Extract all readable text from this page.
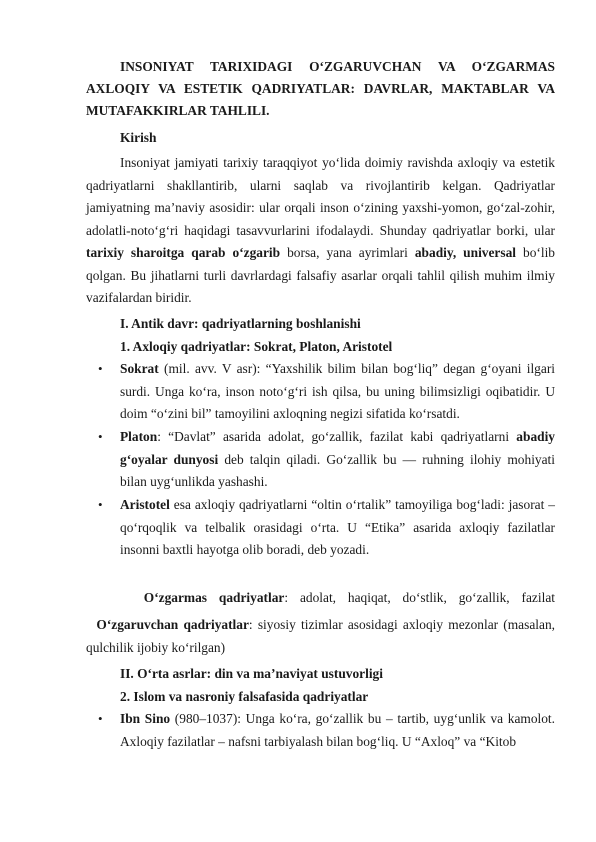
INSONIYAT TARIXIDAGI O‘ZGARUVCHAN VA O‘ZGARMAS AXLOQIY VA ESTETIK QADRIYATLAR: DAVRLAR, MAKTABLAR VA MUTAFAKKIRLAR TAHLILI.

Kirish

Insoniyat jamiyati tarixiy taraqqiyot yo‘lida doimiy ravishda axloqiy va estetik qadriyatlarni shakllantirib, ularni saqlab va rivojlantirib kelgan. Qadriyatlar jamiyatning ma’naviy asosidir: ular orqali inson o‘zining yaxshi-yomon, go‘zal-zohir, adolatli-noto‘g‘ri haqidagi tasavvurlarini ifodalaydi. Shunday qadriyatlar borki, ular tarixiy sharoitga qarab o‘zgarib borsa, yana ayrimlari abadiy, universal bo‘lib qolgan. Bu jihatlarni turli davrlardagi falsafiy asarlar orqali tahlil qilish muhim ilmiy vazifalardan biridir.

I. Antik davr: qadriyatlarning boshlanishi

1. Axloqiy qadriyatlar: Sokrat, Platon, Aristotel

• Sokrat (mil. avv. V asr): “Yaxshilik bilim bilan bog‘liq” degan g‘oyani ilgari surdi. Unga ko‘ra, inson noto‘g‘ri ish qilsa, bu uning bilimsizligi oqibatidir. U doim “o‘zini bil” tamoyilini axloqning negizi sifatida ko‘rsatdi.

• Platon: “Davlat” asarida adolat, go‘zallik, fazilat kabi qadriyatlarni abadiy g‘oyalar dunyosi deb talqin qiladi. Go‘zallik bu — ruhning ilohiy mohiyati bilan uyg‘unlikda yashashi.

• Aristotel esa axloqiy qadriyatlarni “oltin o‘rtalik” tamoyiliga bog‘ladi: jasorat – qo‘rqoqlik va telbalik orasidagi o‘rta. U “Etika” asarida axloqiy fazilatlar insonni baxtli hayotga olib boradi, deb yozadi.

O‘zgarmas qadriyatlar: adolat, haqiqat, do‘stlik, go‘zallik, fazilat

O‘zgaruvchan qadriyatlar: siyosiy tizimlar asosidagi axloqiy mezonlar (masalan, qulchilik ijobiy ko‘rilgan)

II. O‘rta asrlar: din va ma’naviyat ustuvorligi

2. Islom va nasroniy falsafasida qadriyatlar

• Ibn Sino (980–1037): Unga ko‘ra, go‘zallik bu – tartib, uyg‘unlik va kamolot. Axloqiy fazilatlar – nafsni tarbiyalash bilan bog‘liq. U “Axloq” va “Kitob
